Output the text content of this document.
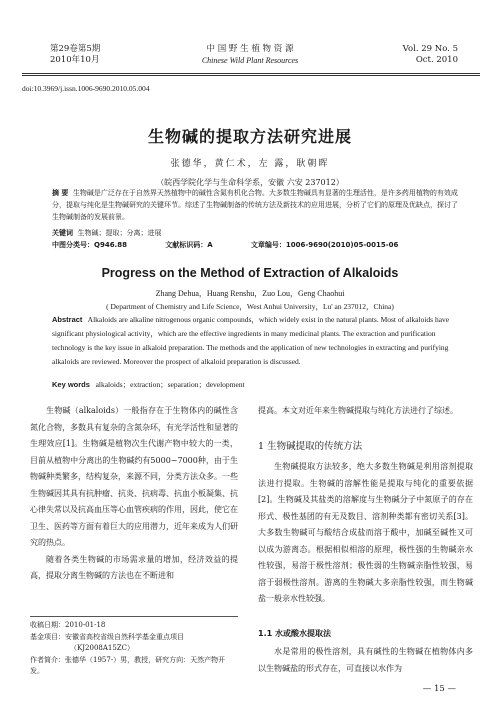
第29卷第5期
2010年10月
中 国 野 生 植 物 资 源
Chinese Wild Plant Resources
Vol. 29 No. 5
Oct. 2010
doi:10.3969/j.issn.1006-9690.2010.05.004
生物碱的提取方法研究进展
张德华，黄仁术，左 露，耿朝晖
（皖西学院化学与生命科学系，安徽 六安 237012）
摘 要 生物碱是广泛存在于自然界天然植物中的碱性含氮有机化合物。大多数生物碱具有显著的生理活性，是许多药用植物的有效成分，提取与纯化是生物碱研究的关键环节。综述了生物碱制备的传统方法及新技术的应用进展，分析了它们的原理及优缺点，探讨了生物碱制备的发展前景。
关键词 生物碱；提取；分离；进展
中图分类号：Q946.88	文献标识码：A	文章编号：1006-9690(2010)05-0015-06
Progress on the Method of Extraction of Alkaloids
Zhang Dehua，Huang Renshu，Zuo Lou，Geng Chaohui
( Department of Chemistry and Life Science，West Anhui University，Lu' an 237012，China)
Abstract Alkaloids are alkaline nitrogenous organic compounds，which widely exist in the natural plants. Most of alkaloids have significant physiological activity，which are the effective ingredients in many medicinal plants. The extraction and purification technology is the key issue in alkaloid preparation. The methods and the application of new technologies in extracting and purifying alkaloids are reviewed. Moreover the prospect of alkaloid preparation is discussed.
Key words alkaloids；extraction；separation；development
生物碱（alkaloids）一般指存在于生物体内的碱性含氮化合物，多数具有复杂的含氮杂环，有光学活性和显著的生理效应[1]。生物碱是植物次生代谢产物中较大的一类，目前从植物中分离出的生物碱约有5000~7000种，由于生物碱种类繁多，结构复杂，来源不同，分类方法众多。一些生物碱因其具有抗肿瘤、抗炎、抗病毒、抗血小板凝集、抗心律失常以及抗高血压等心血管疾病的作用，因此，使它在卫生、医药等方面有着巨大的应用潜力，近年来成为人们研究的热点。
随着各类生物碱的市场需求量的增加，经济效益的提高，提取分离生物碱的方法也在不断进和
提高。本文对近年来生物碱提取与纯化方法进行了综述。
1 生物碱提取的传统方法
生物碱提取方法较多，绝大多数生物碱是利用溶剂提取法进行提取。生物碱的溶解性能是提取与纯化的重要依据[2]。生物碱及其盐类的溶解度与生物碱分子中氮原子的存在形式、极性基团的有无及数目、溶剂种类都有密切关系[3]。大多数生物碱可与酸结合成盐而溶于酸中，加碱至碱性又可以成为游离态。根据相似相溶的原理，极性强的生物碱亲水性较强，易溶于极性溶剂；极性弱的生物碱亲脂性较强，易溶于弱极性溶剂。游离的生物碱大多亲脂性较强，而生物碱盐一般亲水性较强。
1.1 水或酸水提取法
水是常用的极性溶剂，具有碱性的生物碱在植物体内多以生物碱盐的形式存在，可直接以水作为
收稿日期：2010-01-18
基金项目：安徽省高校省级自然科学基金重点项目
（KJ2008A15ZC）
作者简介：张德华（1957-）男，教授，研究方向：天然产物开发。
— 15 —
